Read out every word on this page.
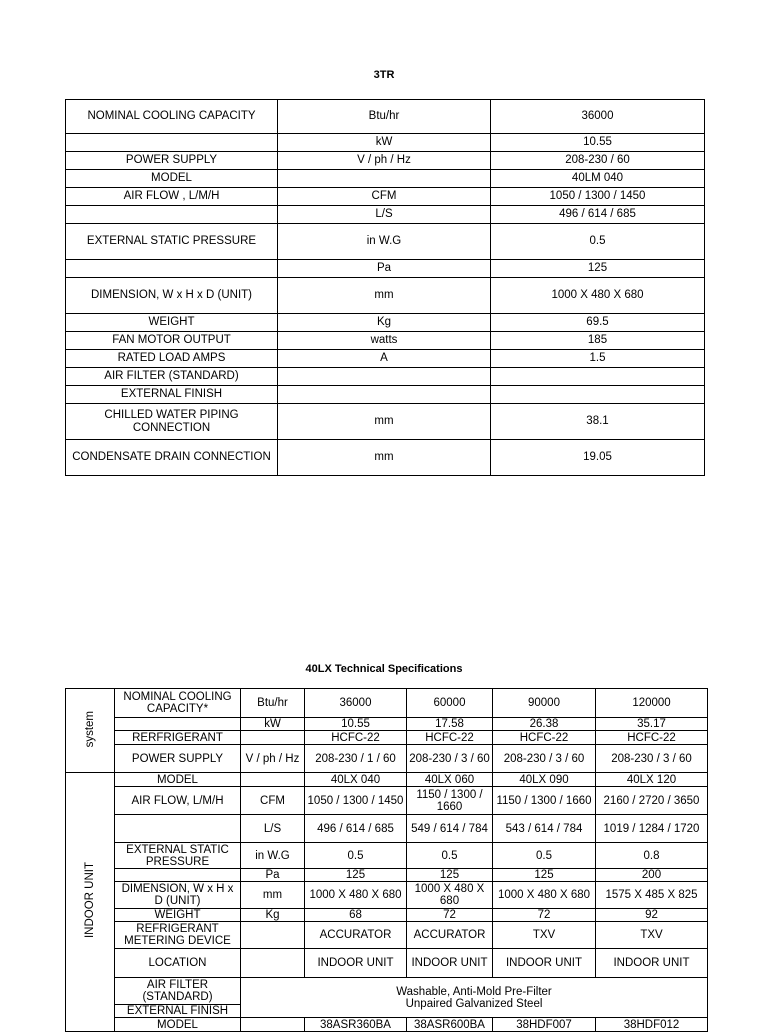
3TR
NOMINAL COOLING CAPACITY	Btu/hr	36000
	kW	10.55
POWER SUPPLY	V / ph / Hz	208-230 / 60
MODEL		40LM 040
AIR FLOW , L/M/H	CFM	1050 / 1300 / 1450
	L/S	496 / 614 / 685
EXTERNAL STATIC PRESSURE	in W.G	0.5
	Pa	125
DIMENSION, W x H x D (UNIT)	mm	1000 X 480 X 680
WEIGHT	Kg	69.5
FAN MOTOR OUTPUT	watts	185
RATED LOAD AMPS	A	1.5
AIR FILTER (STANDARD)		
EXTERNAL FINISH		
CHILLED WATER PIPING CONNECTION	mm	38.1
CONDENSATE DRAIN CONNECTION	mm	19.05
40LX Technical Specifications
system	NOMINAL COOLING CAPACITY*	Btu/hr	36000	60000	90000	120000
		kW	10.55	17.58	26.38	35.17
	RERFRIGERANT		HCFC-22	HCFC-22	HCFC-22	HCFC-22
	POWER SUPPLY	V / ph / Hz	208-230 / 1 / 60	208-230 / 3 / 60	208-230 / 3 / 60	208-230 / 3 / 60
INDOOR UNIT	MODEL		40LX 040	40LX 060	40LX 090	40LX 120
	AIR FLOW, L/M/H	CFM	1050 / 1300 / 1450	1150 / 1300 / 1660	1150 / 1300 / 1660	2160 / 2720 / 3650
		L/S	496 / 614 / 685	549 / 614 / 784	543 / 614 / 784	1019 / 1284 / 1720
	EXTERNAL STATIC PRESSURE	in W.G	0.5	0.5	0.5	0.8
		Pa	125	125	125	200
	DIMENSION, W x H x D (UNIT)	mm	1000 X 480 X 680	1000 X 480 X 680	1000 X 480 X 680	1575 X 485 X 825
	WEIGHT	Kg	68	72	72	92
	REFRIGERANT METERING DEVICE		ACCURATOR	ACCURATOR	TXV	TXV
	LOCATION		INDOOR UNIT	INDOOR UNIT	INDOOR UNIT	INDOOR UNIT
	AIR FILTER (STANDARD)	Washable, Anti-Mold Pre-Filter
Unpaired Galvanized Steel				

	EXTERNAL FINISH					
	MODEL		38ASR360BA	38ASR600BA	38HDF007	38HDF012
